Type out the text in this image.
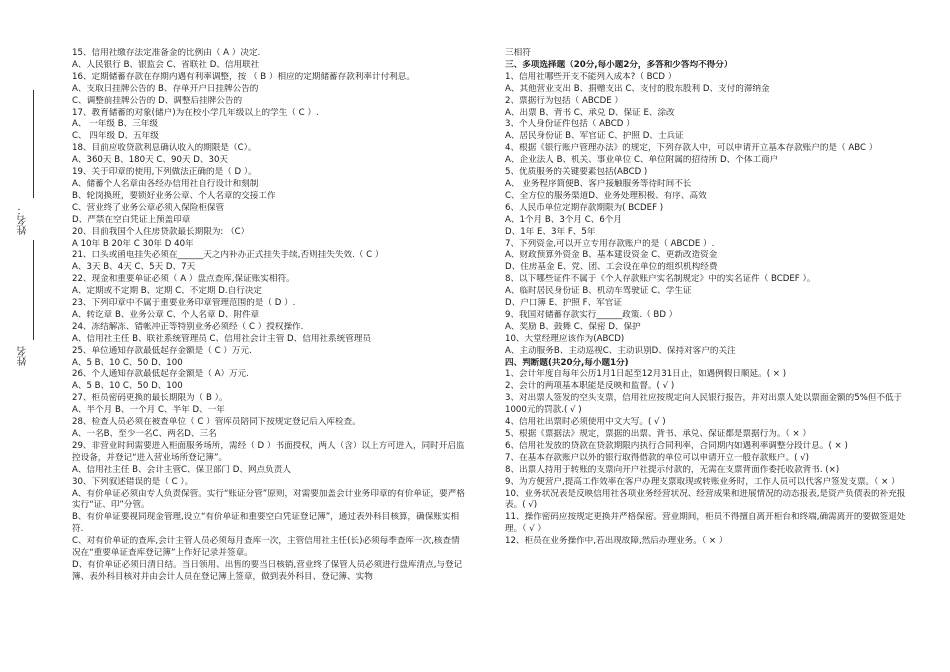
姓名：
姓名
15、信用社缴存法定准备金的比例由（ A ）决定.
A、人民银行 B、银监会 C、省联社 D、信用联社
16、定期储蓄存款在存期内遇有利率调整，按 （ B ）相应的定期储蓄存款利率计付利息。
A、支取日挂牌公告的 B、存单开户日挂牌公告的
C、调整前挂牌公告的 D、调整后挂牌公告的
17、教育储蓄的对象(储户)为在校小学几年级以上的学生（ C ）.
A、 一年级 B、三年级
C、 四年级 D、五年级
18、目前应收贷款利息确认收入的期限是（C）。
A、360天 B、180天 C、90天 D、30天
19、关于印章的使用,下列做法正确的是（ D ）。
A、储蓄个人名章由各经办信用社自行设计和刻制
B、轮岗换班，要锁好业务公章、个人名章的交接工作
C、营业终了业务公章必须入保险柜保管
D、严禁在空白凭证上预盖印章
20、目前我国个人住房贷款最长期限为: （C）
A 10年 B 20年 C 30年 D 40年
21、口头或函电挂失必须在______天之内补办正式挂失手续,否则挂失失效.（ C ）
A、3天 B、4天 C、5天 D、7天
22、现金和重要单证必须（ A ）盘点查库,保证账实相符。
A、定期或不定期 B、定期 C、不定期 D.自行决定
23、下列印章中不属于重要业务印章管理范围的是（ D ）.
A、转讫章 B、业务公章 C、个人名章 D、附件章
24、冻结解冻、错帐冲正等特别业务必须经（ C ）授权操作.
A、信用社主任 B、联社系统管理员 C、信用社会计主管 D、信用社系统管理员
25、单位通知存款最低起存金额是（ C ）万元.
A、5 B、10 C、50 D、100
26、个人通知存款最低起存金额是（ A）万元.
A、5 B、10 C、50 D、100
27、柜员密码更换的最长期限为（ B ）。
A、半个月 B、一个月 C、半年 D、一年
28、检查人员必须在被查单位（ C ）管库员陪同下按规定登记后入库检查。
A、一名B、至少一名C、两名D、三名
29、非营业时间需要进入柜面服务场所，需经（ D ）书面授权，两人（含）以上方可进入，同时开启监控设备，并登记“进入营业场所登记簿”。
A、信用社主任 B、会计主管C、保卫部门 D、网点负责人
30、下列叙述错误的是（ C ）。
A、有价单证必须由专人负责保管。实行“账证分管”原则，对需要加盖会计业务印章的有价单证，要严格实行“证、印”分管。
B、有价单证要视同现金管理,设立“有价单证和重要空白凭证登记簿”，通过表外科目核算，确保账实相符.
C、对有价单证的查库,会计主管人员必须每月查库一次，主管信用社主任(长)必须每季查库一次,核查情况在“重要单证查库登记簿”上作好记录并签章。
D、有价单证必须日清日结。当日领用、出售的要当日核销,营业终了保管人员必须进行盘库清点,与登记簿、表外科目核对并由会计人员在登记簿上签章，做到表外科目、登记簿、实物
三相符
三、多项选择题（20分,每小题2分，多答和少答均不得分）
1、信用社哪些开支不能列入成本?（ BCD ）
A、其他营业支出 B、捐赠支出 C、支付的股东股利 D、支付的滞纳金
2、票据行为包括（ ABCDE ）
A、出票 B、背书 C、承兑 D、保证 E、涂改
3、个人身份证件包括（ ABCD ）
A、居民身份证 B、军官证 C、护照 D、士兵证
4、根据《银行账户管理办法》的规定，下列存款人中，可以申请开立基本存款账户的是（ ABC ）
A、企业法人 B、机关、事业单位 C、单位附属的招待所 D、个体工商户
5、优质服务的关键要素包括(ABCD )
A、 业务程序简便B、客户接触服务等待时间不长
C、全方位的服务渠道D、业务处理积极、有序、高效
6、人民币单位定期存款期限为( BCDEF )
A、1个月 B、3个月 C、6个月
D、1年 E、3年 F、5年
7、下列资金,可以开立专用存款账户的是（ ABCDE ）.
A、财政预算外资金 B、基本建设资金 C、更新改造资金
D、住房基金 E、党、团、工会设在单位的组织机构经费
8、以下哪些证件不属于《个人存款账户实名制规定》中的实名证件（ BCDEF ）。
A、临时居民身份证 B、机动车驾驶证 C、学生证
D、户口簿 E、护照 F、军官证
9、我国对储蓄存款实行______政策.（ BD ）
A、奖励 B、鼓舞 C、保密 D、保护
10、大堂经理应该作为(ABCD)
A、主动服务B、主动巡视C、主动识别D、保持对客户的关注
四、判断题(共20分,每小题1分)
1、会计年度自每年公历1月1日起至12月31日止，如遇例假日顺延。( × )
2、会计的两项基本职能是反映和监督。( √ )
3、对出票人签发的空头支票，信用社应按规定向人民银行报告，并对出票人处以票面金额的5%但不低于1000元的罚款.( √ )
4、信用社出票时必须使用中文大写。( √ )
5、根据《票据法》规定，票据的出票、背书、承兑、保证都是票据行为。（ × ）
6、信用社发放的贷款在贷款期限内执行合同利率，合同期内如遇利率调整分段计息。( × )
7、在基本存款账户以外的银行取得借款的单位可以申请开立一般存款账户。( √)
8、出票人持用于转账的支票向开户社提示付款的，无需在支票背面作委托收款背书. (×)
9、为方便营户,提高工作效率在客户办理支票取现或转账业务时，工作人员可以代客户签发支票。（ × ）
10、业务状况表是反映信用社各项业务经营状况、经营成果和进展情况的动态报表,是资产负债表的补充报表。( √)
11、操作密码应按规定更换并严格保密。营业期间，柜员不得擅自离开柜台和终端,确需离开的要做签退处理。（ √ ）
12、柜员在业务操作中,若出现故障,然后办理业务。（ × ）
